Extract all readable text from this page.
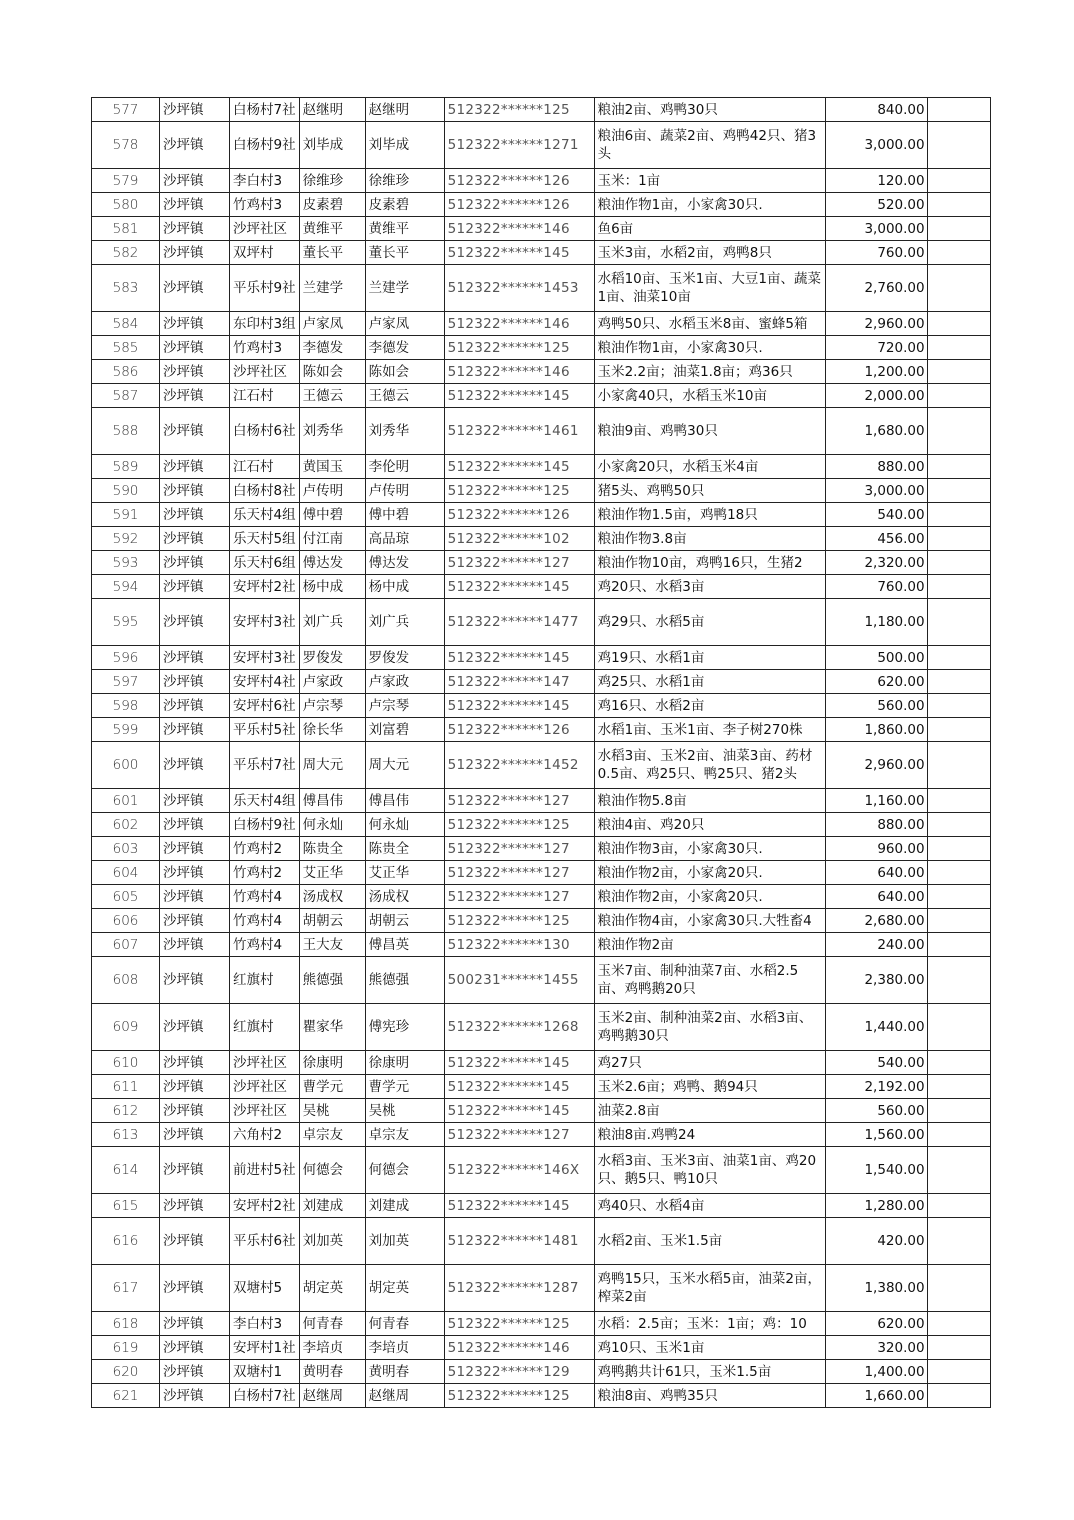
577	沙坪镇	白杨村7社	赵继明	赵继明	512322******125	粮油2亩、鸡鸭30只	840.00	
578	沙坪镇	白杨村9社	刘毕成	刘毕成	512322******1271	粮油6亩、蔬菜2亩、鸡鸭42只、猪3头	3,000.00	
579	沙坪镇	李白村3	徐维珍	徐维珍	512322******126	玉米：1亩	120.00	
580	沙坪镇	竹鸡村3	皮素碧	皮素碧	512322******126	粮油作物1亩，小家禽30只.	520.00	
581	沙坪镇	沙坪社区	黄维平	黄维平	512322******146	鱼6亩	3,000.00	
582	沙坪镇	双坪村	董长平	董长平	512322******145	玉米3亩，水稻2亩，鸡鸭8只	760.00	
583	沙坪镇	平乐村9社	兰建学	兰建学	512322******1453	水稻10亩、玉米1亩、大豆1亩、蔬菜1亩、油菜10亩	2,760.00	
584	沙坪镇	东印村3组	卢家凤	卢家凤	512322******146	鸡鸭50只、水稻玉米8亩、蜜蜂5箱	2,960.00	
585	沙坪镇	竹鸡村3	李德发	李德发	512322******125	粮油作物1亩，小家禽30只.	720.00	
586	沙坪镇	沙坪社区	陈如会	陈如会	512322******146	玉米2.2亩；油菜1.8亩；鸡36只	1,200.00	
587	沙坪镇	江石村	王德云	王德云	512322******145	小家禽40只，水稻玉米10亩	2,000.00	
588	沙坪镇	白杨村6社	刘秀华	刘秀华	512322******1461	粮油9亩、鸡鸭30只	1,680.00	
589	沙坪镇	江石村	黄国玉	李伦明	512322******145	小家禽20只，水稻玉米4亩	880.00	
590	沙坪镇	白杨村8社	卢传明	卢传明	512322******125	猪5头、鸡鸭50只	3,000.00	
591	沙坪镇	乐天村4组	傅中碧	傅中碧	512322******126	粮油作物1.5亩，鸡鸭18只	540.00	
592	沙坪镇	乐天村5组	付江南	高品琼	512322******102	粮油作物3.8亩	456.00	
593	沙坪镇	乐天村6组	傅达发	傅达发	512322******127	粮油作物10亩，鸡鸭16只，生猪2	2,320.00	
594	沙坪镇	安坪村2社	杨中成	杨中成	512322******145	鸡20只、水稻3亩	760.00	
595	沙坪镇	安坪村3社	刘广兵	刘广兵	512322******1477	鸡29只、水稻5亩	1,180.00	
596	沙坪镇	安坪村3社	罗俊发	罗俊发	512322******145	鸡19只、水稻1亩	500.00	
597	沙坪镇	安坪村4社	卢家政	卢家政	512322******147	鸡25只、水稻1亩	620.00	
598	沙坪镇	安坪村6社	卢宗琴	卢宗琴	512322******145	鸡16只、水稻2亩	560.00	
599	沙坪镇	平乐村5社	徐长华	刘富碧	512322******126	水稻1亩、玉米1亩、李子树270株	1,860.00	
600	沙坪镇	平乐村7社	周大元	周大元	512322******1452	水稻3亩、玉米2亩、油菜3亩、药材0.5亩、鸡25只、鸭25只、猪2头	2,960.00	
601	沙坪镇	乐天村4组	傅昌伟	傅昌伟	512322******127	粮油作物5.8亩	1,160.00	
602	沙坪镇	白杨村9社	何永灿	何永灿	512322******125	粮油4亩、鸡20只	880.00	
603	沙坪镇	竹鸡村2	陈贵全	陈贵全	512322******127	粮油作物3亩，小家禽30只.	960.00	
604	沙坪镇	竹鸡村2	艾正华	艾正华	512322******127	粮油作物2亩，小家禽20只.	640.00	
605	沙坪镇	竹鸡村4	汤成权	汤成权	512322******127	粮油作物2亩，小家禽20只.	640.00	
606	沙坪镇	竹鸡村4	胡朝云	胡朝云	512322******125	粮油作物4亩，小家禽30只.大牲畜4	2,680.00	
607	沙坪镇	竹鸡村4	王大友	傅昌英	512322******130	粮油作物2亩	240.00	
608	沙坪镇	红旗村	熊德强	熊德强	500231******1455	玉米7亩、制种油菜7亩、水稻2.5亩、鸡鸭鹅20只	2,380.00	
609	沙坪镇	红旗村	瞿家华	傅宪珍	512322******1268	玉米2亩、制种油菜2亩、水稻3亩、鸡鸭鹅30只	1,440.00	
610	沙坪镇	沙坪社区	徐康明	徐康明	512322******145	鸡27只	540.00	
611	沙坪镇	沙坪社区	曹学元	曹学元	512322******145	玉米2.6亩；鸡鸭、鹅94只	2,192.00	
612	沙坪镇	沙坪社区	吴桃	吴桃	512322******145	油菜2.8亩	560.00	
613	沙坪镇	六角村2	卓宗友	卓宗友	512322******127	粮油8亩.鸡鸭24	1,560.00	
614	沙坪镇	前进村5社	何德会	何德会	512322******146X	水稻3亩、玉米3亩、油菜1亩、鸡20只、鹅5只、鸭10只	1,540.00	
615	沙坪镇	安坪村2社	刘建成	刘建成	512322******145	鸡40只、水稻4亩	1,280.00	
616	沙坪镇	平乐村6社	刘加英	刘加英	512322******1481	水稻2亩、玉米1.5亩	420.00	
617	沙坪镇	双塘村5	胡定英	胡定英	512322******1287	鸡鸭15只，玉米水稻5亩，油菜2亩，榨菜2亩	1,380.00	
618	沙坪镇	李白村3	何青春	何青春	512322******125	水稻：2.5亩；玉米：1亩；鸡：10	620.00	
619	沙坪镇	安坪村1社	李培贞	李培贞	512322******146	鸡10只、玉米1亩	320.00	
620	沙坪镇	双塘村1	黄明春	黄明春	512322******129	鸡鸭鹅共计61只，玉米1.5亩	1,400.00	
621	沙坪镇	白杨村7社	赵继周	赵继周	512322******125	粮油8亩、鸡鸭35只	1,660.00	
